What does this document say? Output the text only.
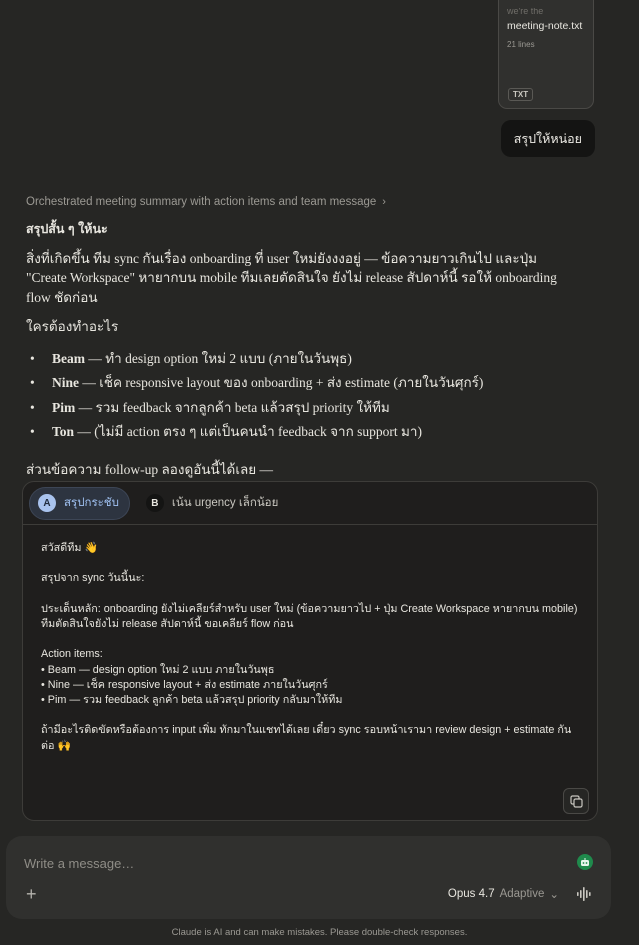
we're the
meeting-note.txt
21 lines
TXT
สรุปให้หน่อย
Orchestrated meeting summary with action items and team message ›

สรุปสั้น ๆ ให้นะ

สิ่งที่เกิดขึ้น ทีม sync กันเรื่อง onboarding ที่ user ใหม่ยังงงอยู่ — ข้อความยาวเกินไป และปุ่ม "Create Workspace" หายากบน mobile ทีมเลยตัดสินใจ ยังไม่ release สัปดาห์นี้ รอให้ onboarding flow ชัดก่อน

ใครต้องทำอะไร

•	Beam — ทำ design option ใหม่ 2 แบบ (ภายในวันพุธ)
•	Nine — เช็ค responsive layout ของ onboarding + ส่ง estimate (ภายในวันศุกร์)
•	Pim — รวม feedback จากลูกค้า beta แล้วสรุป priority ให้ทีม
•	Ton — (ไม่มี action ตรง ๆ แต่เป็นคนนำ feedback จาก support มา)
ส่วนข้อความ follow-up ลองดูอันนี้ได้เลย —
A	สรุปกระชับ	B	เน้น urgency เล็กน้อย
สวัสดีทีม 👋

สรุปจาก sync วันนี้นะ:

ประเด็นหลัก: onboarding ยังไม่เคลียร์สำหรับ user ใหม่ (ข้อความยาวไป + ปุ่ม Create Workspace หายากบน mobile) ทีมตัดสินใจยังไม่ release สัปดาห์นี้ ขอเคลียร์ flow ก่อน

Action items:
• Beam — design option ใหม่ 2 แบบ ภายในวันพุธ
• Nine — เช็ค responsive layout + ส่ง estimate ภายในวันศุกร์
• Pim — รวม feedback ลูกค้า beta แล้วสรุป priority กลับมาให้ทีม

ถ้ามีอะไรติดขัดหรือต้องการ input เพิ่ม ทักมาในแชทได้เลย เดี๋ยว sync รอบหน้าเรามา review design + estimate กันต่อ 🙌
Write a message…
+	Opus 4.7 Adaptive ⌄
Claude is AI and can make mistakes. Please double-check responses.
